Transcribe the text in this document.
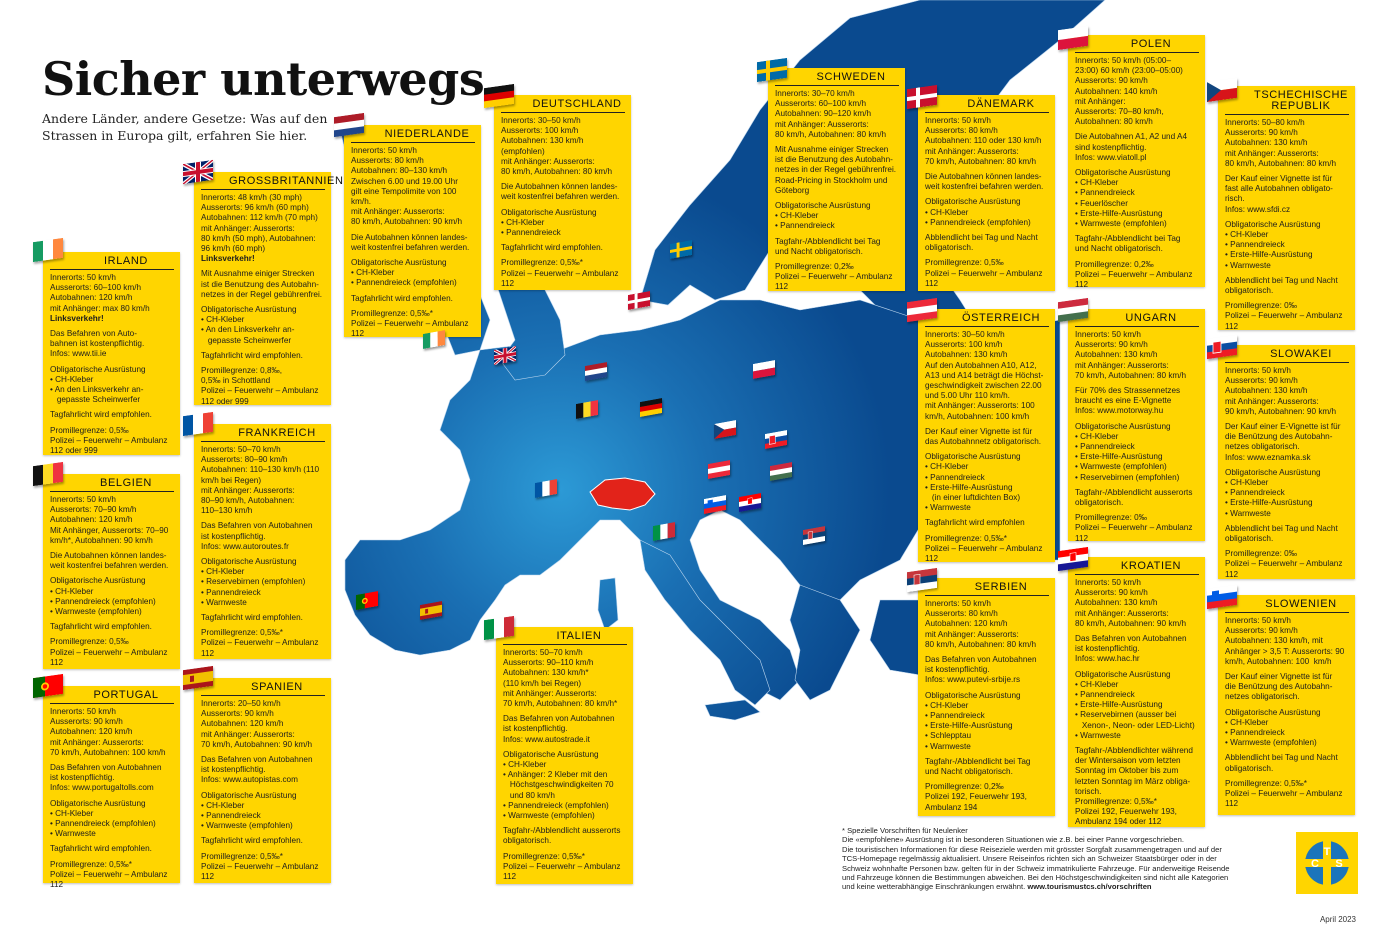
Sicher unterwegs
Andere Länder, andere Gesetze: Was auf den Strassen in Europa gilt, erfahren Sie hier.
IRLAND
Innerorts: 50 km/h
Ausserorts: 60–100 km/h
Autobahnen: 120 km/h
mit Anhänger: max 80 km/h
Linksverkehr!
Das Befahren von Auto-
bahnen ist kostenpflichtig.
Infos: www.tii.ie
Obligatorische Ausrüstung
• CH-Kleber
• An den Linksverkehr an-
gepasste Scheinwerfer
Tagfahrlicht wird empfohlen.
Promillegrenze: 0,5‰
Polizei – Feuerwehr – Ambulanz
112 oder 999
GROSSBRITANNIEN
Innerorts: 48 km/h (30 mph)
Ausserorts: 96 km/h (60 mph)
Autobahnen: 112 km/h (70 mph)
mit Anhänger: Ausserorts:
80 km/h (50 mph), Autobahnen:
96 km/h (60 mph)
Linksverkehr!
Mit Ausnahme einiger Strecken
ist die Benutzung des Autobahn-
netzes in der Regel gebührenfrei.
Obligatorische Ausrüstung
• CH-Kleber
• An den Linksverkehr an-
gepasste Scheinwerfer
Tagfahrlicht wird empfohlen.
Promillegrenze: 0,8‰,
0,5‰ in Schottland
Polizei – Feuerwehr – Ambulanz
112 oder 999
NIEDERLANDE
Innerorts: 50 km/h
Ausserorts: 80 km/h
Autobahnen: 80–130 km/h
Zwischen 6.00 und 19.00 Uhr
gilt eine Tempolimite von 100
km/h.
mit Anhänger: Ausserorts:
80 km/h, Autobahnen: 90 km/h
Die Autobahnen können landes-
weit kostenfrei befahren werden.
Obligatorische Ausrüstung
• CH-Kleber
• Pannendreieck (empfohlen)
Tagfahrlicht wird empfohlen.
Promillegrenze: 0,5‰*
Polizei – Feuerwehr – Ambulanz
112
DEUTSCHLAND
Innerorts: 30–50 km/h
Ausserorts: 100 km/h
Autobahnen: 130 km/h
(empfohlen)
mit Anhänger: Ausserorts:
80 km/h, Autobahnen: 80 km/h
Die Autobahnen können landes-
weit kostenfrei befahren werden.
Obligatorische Ausrüstung
• CH-Kleber
• Pannendreieck
Tagfahrlicht wird empfohlen.
Promillegrenze: 0,5‰*
Polizei – Feuerwehr – Ambulanz
112
SCHWEDEN
Innerorts: 30–70 km/h
Ausserorts: 60–100 km/h
Autobahnen: 90–120 km/h
mit Anhänger: Ausserorts:
80 km/h, Autobahnen: 80 km/h
Mit Ausnahme einiger Strecken
ist die Benutzung des Autobahn-
netzes in der Regel gebührenfrei.
Road-Pricing in Stockholm und
Göteborg
Obligatorische Ausrüstung
• CH-Kleber
• Pannendreieck
Tagfahr-/Abblendlicht bei Tag
und Nacht obligatorisch.
Promillegrenze: 0,2‰
Polizei – Feuerwehr – Ambulanz
112
DÄNEMARK
Innerorts: 50 km/h
Ausserorts: 80 km/h
Autobahnen: 110 oder 130 km/h
mit Anhänger: Ausserorts:
70 km/h, Autobahnen: 80 km/h
Die Autobahnen können landes-
weit kostenfrei befahren werden.
Obligatorische Ausrüstung
• CH-Kleber
• Pannendreieck (empfohlen)
Abblendlicht bei Tag und Nacht
obligatorisch.
Promillegrenze: 0,5‰
Polizei – Feuerwehr – Ambulanz
112
POLEN
Innerorts: 50 km/h (05:00–
23:00) 60 km/h (23:00–05:00)
Ausserorts: 90 km/h
Autobahnen: 140 km/h
mit Anhänger:
Ausserorts: 70–80 km/h,
Autobahnen: 80 km/h
Die Autobahnen A1, A2 und A4
sind kostenpflichtig.
Infos: www.viatoll.pl
Obligatorische Ausrüstung
• CH-Kleber
• Pannendreieck
• Feuerlöscher
• Erste-Hilfe-Ausrüstung
• Warnweste (empfohlen)
Tagfahr-/Abblendlicht bei Tag
und Nacht obligatorisch.
Promillegrenze: 0,2‰
Polizei – Feuerwehr – Ambulanz
112
TSCHECHISCHE REPUBLIK
Innerorts: 50–80 km/h
Ausserorts: 90 km/h
Autobahnen: 130 km/h
mit Anhänger: Ausserorts:
80 km/h, Autobahnen: 80 km/h
Der Kauf einer Vignette ist für
fast alle Autobahnen obligato-
risch.
Infos: www.sfdi.cz
Obligatorische Ausrüstung
• CH-Kleber
• Pannendreieck
• Erste-Hilfe-Ausrüstung
• Warnweste
Abblendlicht bei Tag und Nacht
obligatorisch.
Promillegrenze: 0‰
Polizei – Feuerwehr – Ambulanz
112
FRANKREICH
Innerorts: 50–70 km/h
Ausserorts: 80–90 km/h
Autobahnen: 110–130 km/h (110
km/h bei Regen)
mit Anhänger: Ausserorts:
80–90 km/h, Autobahnen:
110–130 km/h
Das Befahren von Autobahnen
ist kostenpflichtig.
Infos: www.autoroutes.fr
Obligatorische Ausrüstung
• CH-Kleber
• Reservebirnen (empfohlen)
• Pannendreieck
• Warnweste
Tagfahrlicht wird empfohlen.
Promillegrenze: 0,5‰*
Polizei – Feuerwehr – Ambulanz
112
BELGIEN
Innerorts: 50 km/h
Ausserorts: 70–90 km/h
Autobahnen: 120 km/h
Mit Anhänger, Ausserorts: 70–90
km/h*, Autobahnen: 90 km/h
Die Autobahnen können landes-
weit kostenfrei befahren werden.
Obligatorische Ausrüstung
• CH-Kleber
• Pannendreieck (empfohlen)
• Warnweste (empfohlen)
Tagfahrlicht wird empfohlen.
Promillegrenze: 0,5‰
Polizei – Feuerwehr – Ambulanz
112
ÖSTERREICH
Innerorts: 30–50 km/h
Ausserorts: 100 km/h
Autobahnen: 130 km/h
Auf den Autobahnen A10, A12,
A13 und A14 beträgt die Höchst-
geschwindigkeit zwischen 22.00
und 5.00 Uhr 110 km/h.
mit Anhänger: Ausserorts: 100
km/h, Autobahnen: 100 km/h
Der Kauf einer Vignette ist für
das Autobahnnetz obligatorisch.
Obligatorische Ausrüstung
• CH-Kleber
• Pannendreieck
• Erste-Hilfe-Ausrüstung
(in einer luftdichten Box)
• Warnweste
Tagfahrlicht wird empfohlen
Promillegrenze: 0,5‰*
Polizei – Feuerwehr – Ambulanz
112
UNGARN
Innerorts: 50 km/h
Ausserorts: 90 km/h
Autobahnen: 130 km/h
mit Anhänger: Ausserorts:
70 km/h, Autobahnen: 80 km/h
Für 70% des Strassennetzes
braucht es eine E-Vignette
Infos: www.motorway.hu
Obligatorische Ausrüstung
• CH-Kleber
• Pannendreieck
• Erste-Hilfe-Ausrüstung
• Warnweste (empfohlen)
• Reservebirnen (empfohlen)
Tagfahr-/Abblendlicht ausserorts
obligatorisch.
Promillegrenze: 0‰
Polizei – Feuerwehr – Ambulanz
112
SLOWAKEI
Innerorts: 50 km/h
Ausserorts: 90 km/h
Autobahnen: 130 km/h
mit Anhänger: Ausserorts:
90 km/h, Autobahnen: 90 km/h
Der Kauf einer E-Vignette ist für
die Benützung des Autobahn-
netzes obligatorisch.
Infos: www.eznamka.sk
Obligatorische Ausrüstung
• CH-Kleber
• Pannendreieck
• Erste-Hilfe-Ausrüstung
• Warnweste
Abblendlicht bei Tag und Nacht
obligatorisch.
Promillegrenze: 0‰
Polizei – Feuerwehr – Ambulanz
112
PORTUGAL
Innerorts: 50 km/h
Ausserorts: 90 km/h
Autobahnen: 120 km/h
mit Anhänger: Ausserorts:
70 km/h, Autobahnen: 100 km/h
Das Befahren von Autobahnen
ist kostenpflichtig.
Infos: www.portugaltolls.com
Obligatorische Ausrüstung
• CH-Kleber
• Pannendreieck (empfohlen)
• Warnweste
Tagfahrlicht wird empfohlen.
Promillegrenze: 0,5‰*
Polizei – Feuerwehr – Ambulanz
112
SPANIEN
Innerorts: 20–50 km/h
Ausserorts: 90 km/h
Autobahnen: 120 km/h
mit Anhänger: Ausserorts:
70 km/h, Autobahnen: 90 km/h
Das Befahren von Autobahnen
ist kostenpflichtig.
Infos: www.autopistas.com
Obligatorische Ausrüstung
• CH-Kleber
• Pannendreieck
• Warnweste (empfohlen)
Tagfahrlicht wird empfohlen.
Promillegrenze: 0,5‰*
Polizei – Feuerwehr – Ambulanz
112
ITALIEN
Innerorts: 50–70 km/h
Ausserorts: 90–110 km/h
Autobahnen: 130 km/h*
(110 km/h bei Regen)
mit Anhänger: Ausserorts:
70 km/h, Autobahnen: 80 km/h*
Das Befahren von Autobahnen
ist kostenpflichtig.
Infos: www.autostrade.it
Obligatorische Ausrüstung
• CH-Kleber
• Anhänger: 2 Kleber mit den
Höchstgeschwindigkeiten 70
und 80 km/h
• Pannendreieck (empfohlen)
• Warnweste (empfohlen)
Tagfahr-/Abblendlicht ausserorts
obligatorisch.
Promillegrenze: 0,5‰*
Polizei – Feuerwehr – Ambulanz
112
SERBIEN
Innerorts: 50 km/h
Ausserorts: 80 km/h
Autobahnen: 120 km/h
mit Anhänger: Ausserorts:
80 km/h, Autobahnen: 80 km/h
Das Befahren von Autobahnen
ist kostenpflichtig.
Infos: www.putevi-srbije.rs
Obligatorische Ausrüstung
• CH-Kleber
• Pannendreieck
• Erste-Hilfe-Ausrüstung
• Schlepptau
• Warnweste
Tagfahr-/Abblendlicht bei Tag
und Nacht obligatorisch.
Promillegrenze: 0,2‰
Polizei 192, Feuerwehr 193,
Ambulanz 194
KROATIEN
Innerorts: 50 km/h
Ausserorts: 90 km/h
Autobahnen: 130 km/h
mit Anhänger: Ausserorts:
80 km/h, Autobahnen: 90 km/h
Das Befahren von Autobahnen
ist kostenpflichtig.
Infos: www.hac.hr
Obligatorische Ausrüstung
• CH-Kleber
• Pannendreieck
• Erste-Hilfe-Ausrüstung
• Reservebirnen (ausser bei
Xenon-, Neon- oder LED-Licht)
• Warnweste
Tagfahr-/Abblendlichter während
der Wintersaison vom letzten
Sonntag im Oktober bis zum
letzten Sonntag im März obliga-
torisch.
Promillegrenze: 0,5‰*
Polizei 192, Feuerwehr 193,
Ambulanz 194 oder 112
SLOWENIEN
Innerorts: 50 km/h
Ausserorts: 90 km/h
Autobahnen: 130 km/h, mit
Anhänger > 3,5 T: Ausserorts: 90
km/h, Autobahnen: 100  km/h
Der Kauf einer Vignette ist für
die Benützung des Autobahn-
netzes obligatorisch.
Obligatorische Ausrüstung
• CH-Kleber
• Pannendreieck
• Warnweste (empfohlen)
Abblendlicht bei Tag und Nacht
obligatorisch.
Promillegrenze: 0,5‰*
Polizei – Feuerwehr – Ambulanz
112
* Spezielle Vorschriften für Neulenker
Die «empfohlene» Ausrüstung ist in besonderen Situationen wie z.B. bei einer Panne vorgeschrieben.
Die touristischen Informationen für diese Reiseziele werden mit grösster Sorgfalt zusammengetragen und auf der
TCS-Homepage regelmässig aktualisiert. Unsere Reiseinfos richten sich an Schweizer Staatsbürger oder in der
Schweiz wohnhafte Personen bzw. gelten für in der Schweiz immatrikulierte Fahrzeuge. Für anderweitige Reisende
und Fahrzeuge können die Bestimmungen abweichen. Bei den Höchstgeschwindigkeiten sind nicht alle Kategorien
und keine wetterabhängige Einschränkungen erwähnt. www.tourismustcs.ch/vorschriften
T
C S
April 2023
